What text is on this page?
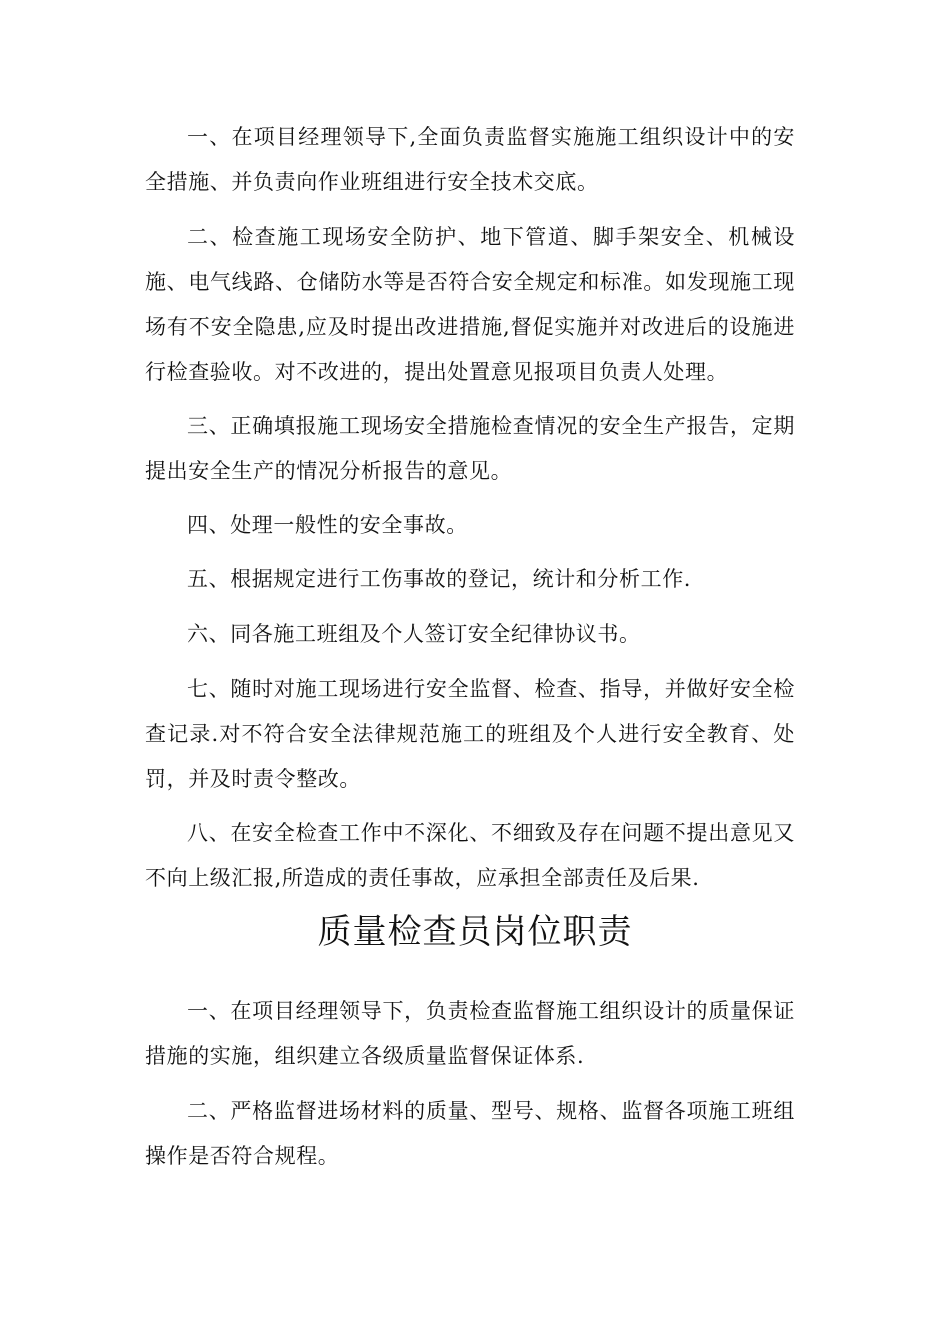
一、在项目经理领导下,全面负责监督实施施工组织设计中的安全措施、并负责向作业班组进行安全技术交底。

二、检查施工现场安全防护、地下管道、脚手架安全、机械设施、电气线路、仓储防水等是否符合安全规定和标准。如发现施工现场有不安全隐患,应及时提出改进措施,督促实施并对改进后的设施进行检查验收。对不改进的，提出处置意见报项目负责人处理。

三、正确填报施工现场安全措施检查情况的安全生产报告，定期提出安全生产的情况分析报告的意见。

四、处理一般性的安全事故。

五、根据规定进行工伤事故的登记，统计和分析工作.

六、同各施工班组及个人签订安全纪律协议书。

七、随时对施工现场进行安全监督、检查、指导，并做好安全检查记录.对不符合安全法律规范施工的班组及个人进行安全教育、处罚，并及时责令整改。

八、在安全检查工作中不深化、不细致及存在问题不提出意见又不向上级汇报,所造成的责任事故，应承担全部责任及后果.

质量检查员岗位职责

一、在项目经理领导下，负责检查监督施工组织设计的质量保证措施的实施，组织建立各级质量监督保证体系.

二、严格监督进场材料的质量、型号、规格、监督各项施工班组操作是否符合规程。
